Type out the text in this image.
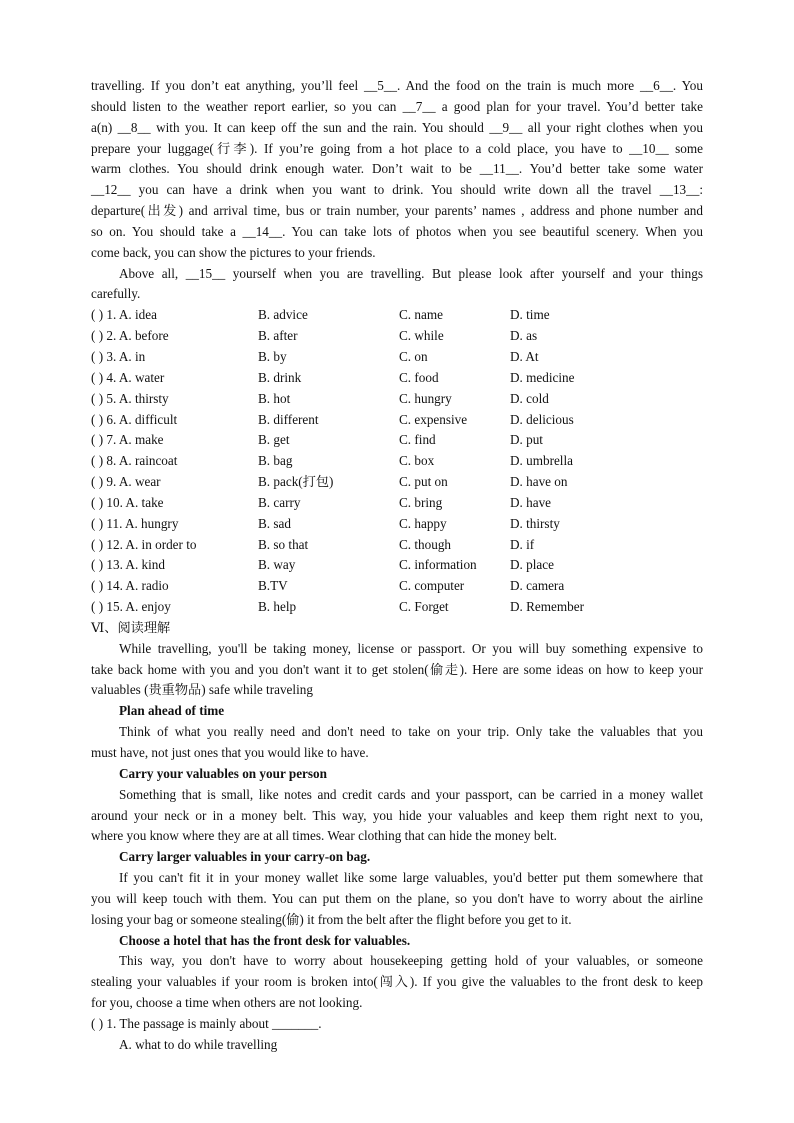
travelling. If you don’t eat anything, you’ll feel __5__. And the food on the train is much more __6__. You
should listen to the weather report earlier, so you can __7__ a good plan for your travel. You’d better take
a(n) __8__ with you. It can keep off the sun and the rain. You should __9__ all your right clothes when you
prepare your luggage(行李). If you’re going from a hot place to a cold place, you have to __10__ some
warm clothes. You should drink enough water. Don’t wait to be __11__. You’d better take some water
__12__ you can have a drink when you want to drink. You should write down all the travel __13__:
departure(出发) and arrival time, bus or train number, your parents’ names , address and phone number and
so on. You should take a __14__. You can take lots of photos when you see beautiful scenery. When you
come back, you can show the pictures to your friends.
Above all, __15__ yourself when you are travelling. But please look after yourself and your things
carefully.
( ) 1. A. idea	B. advice	C. name	D. time
( ) 2. A. before	B. after	C. while	D. as
( ) 3. A. in	B. by	C. on	D. At
( ) 4. A. water	B. drink	C. food	D. medicine
( ) 5. A. thirsty	B. hot	C. hungry	D. cold
( ) 6. A. difficult	B. different	C. expensive	D. delicious
( ) 7. A. make	B. get	C. find	D. put
( ) 8. A. raincoat	B. bag	C. box	D. umbrella
( ) 9. A. wear	B. pack(打包)	C. put on	D. have on
( ) 10. A. take	B. carry	C. bring	D. have
( ) 11. A. hungry	B. sad	C. happy	D. thirsty
( ) 12. A. in order to	B. so that	C. though	D. if
( ) 13. A. kind	B. way	C. information	D. place
( ) 14. A. radio	B.TV	C. computer	D. camera
( ) 15. A. enjoy	B. help	C. Forget	D. Remember
Ⅵ、阅读理解
While travelling, you'll be taking money, license or passport. Or you will buy something expensive to
take back home with you and you don't want it to get stolen(偷走). Here are some ideas on how to keep your
valuables (贵重物品) safe while traveling
Plan ahead of time
Think of what you really need and don't need to take on your trip. Only take the valuables that you
must have, not just ones that you would like to have.
Carry your valuables on your person
Something that is small, like notes and credit cards and your passport, can be carried in a money wallet
around your neck or in a money belt. This way, you hide your valuables and keep them right next to you,
where you know where they are at all times. Wear clothing that can hide the money belt.
Carry larger valuables in your carry-on bag.
If you can't fit it in your money wallet like some large valuables, you'd better put them somewhere that
you will keep touch with them. You can put them on the plane, so you don't have to worry about the airline
losing your bag or someone stealing(偷) it from the belt after the flight before you get to it.
Choose a hotel that has the front desk for valuables.
This way, you don't have to worry about housekeeping getting hold of your valuables, or someone
stealing your valuables if your room is broken into(闯入). If you give the valuables to the front desk to keep
for you, choose a time when others are not looking.
( ) 1. The passage is mainly about _______.
A. what to do while travelling
